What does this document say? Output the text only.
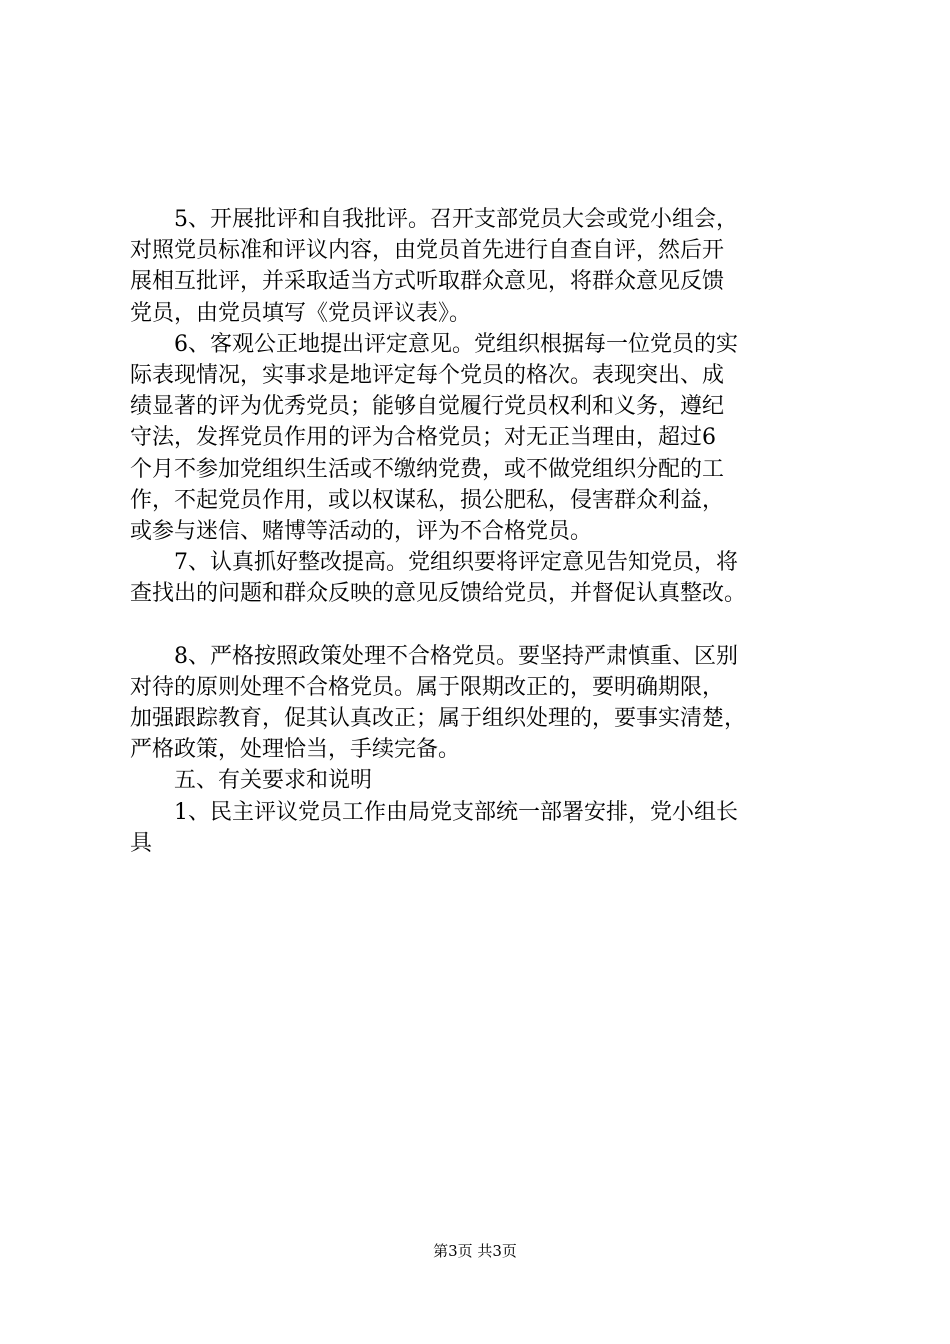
5、开展批评和自我批评。召开支部党员大会或党小组会，
对照党员标准和评议内容，由党员首先进行自查自评，然后开
展相互批评，并采取适当方式听取群众意见，将群众意见反馈
党员，由党员填写《党员评议表》。

6、客观公正地提出评定意见。党组织根据每一位党员的实
际表现情况，实事求是地评定每个党员的格次。表现突出、成
绩显著的评为优秀党员；能够自觉履行党员权利和义务，遵纪
守法，发挥党员作用的评为合格党员；对无正当理由，超过6
个月不参加党组织生活或不缴纳党费，或不做党组织分配的工
作，不起党员作用，或以权谋私，损公肥私，侵害群众利益，
或参与迷信、赌博等活动的，评为不合格党员。

7、认真抓好整改提高。党组织要将评定意见告知党员，将
查找出的问题和群众反映的意见反馈给党员，并督促认真整改。

8、严格按照政策处理不合格党员。要坚持严肃慎重、区别
对待的原则处理不合格党员。属于限期改正的，要明确期限，
加强跟踪教育，促其认真改正；属于组织处理的，要事实清楚，
严格政策，处理恰当，手续完备。

五、有关要求和说明

1、民主评议党员工作由局党支部统一部署安排，党小组长
具

第3页 共3页
